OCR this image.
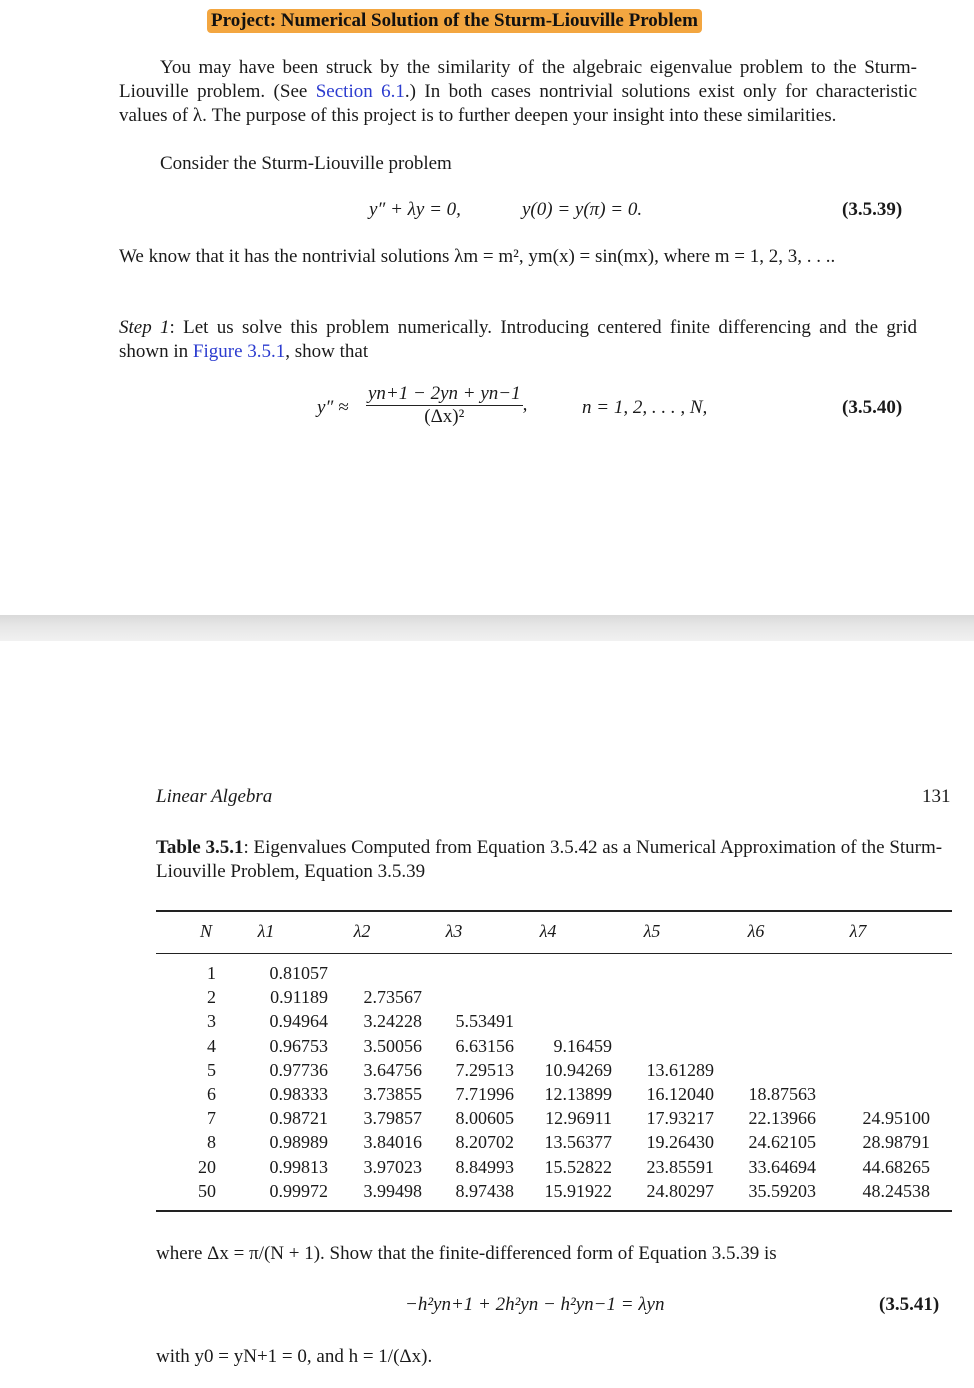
Project: Numerical Solution of the Sturm-Liouville Problem
You may have been struck by the similarity of the algebraic eigenvalue problem to the Sturm-Liouville problem. (See Section 6.1.) In both cases nontrivial solutions exist only for characteristic values of λ. The purpose of this project is to further deepen your insight into these similarities.
Consider the Sturm-Liouville problem
y″ + λy = 0,	y(0) = y(π) = 0.	(3.5.39)
We know that it has the nontrivial solutions λm = m², ym(x) = sin(mx), where m = 1, 2, 3, . . ..
Step 1: Let us solve this problem numerically. Introducing centered finite differencing and the grid shown in Figure 3.5.1, show that
$y'' \approx \frac{yn+1 - 2yn + yn-1}{\text{(Δx)²}}$ ,	n = 1, 2, . . . , N,	(3.5.40)
Linear Algebra	131
Table 3.5.1: Eigenvalues Computed from Equation 3.5.42 as a Numerical Approximation of the Sturm-Liouville Problem, Equation 3.5.39
N	λ1	λ2	λ3	λ4	λ5	λ6	λ7
1	0.81057
2	0.91189	2.73567
3	0.94964	3.24228	5.53491
4	0.96753	3.50056	6.63156	9.16459
5	0.97736	3.64756	7.29513	10.94269	13.61289
6	0.98333	3.73855	7.71996	12.13899	16.12040	18.87563
7	0.98721	3.79857	8.00605	12.96911	17.93217	22.13966	24.95100
8	0.98989	3.84016	8.20702	13.56377	19.26430	24.62105	28.98791
20	0.99813	3.97023	8.84993	15.52822	23.85591	33.64694	44.68265
50	0.99972	3.99498	8.97438	15.91922	24.80297	35.59203	48.24538
where Δx = π/(N + 1). Show that the finite-differenced form of Equation 3.5.39 is
−h²yn+1 + 2h²yn − h²yn−1 = λyn	(3.5.41)
with y0 = yN+1 = 0, and h = 1/(Δx).
